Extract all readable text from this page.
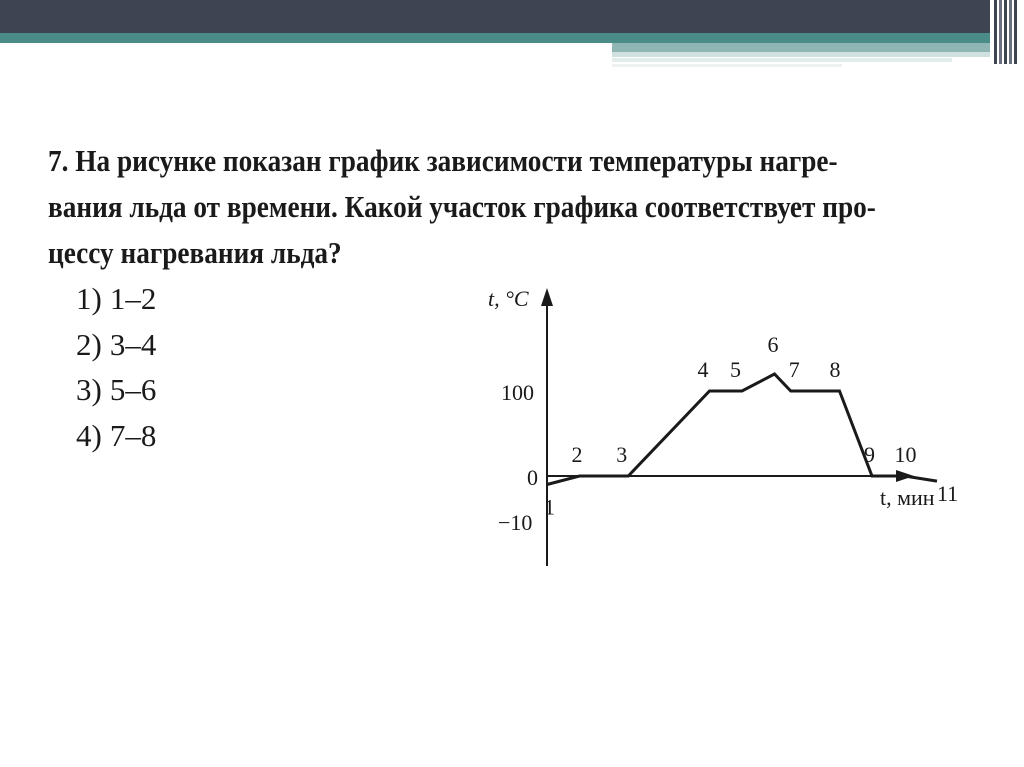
7. На рисунке показан график зависимости температуры нагре-
вания льда от времени. Какой участок графика соответствует про-
цессу нагревания льда?

1) 1–2
2) 3–4
3) 5–6
4) 7–8
t, °C
t, мин
100
0
−10
1
2 3
4 5
6
7 8
9 10
11
